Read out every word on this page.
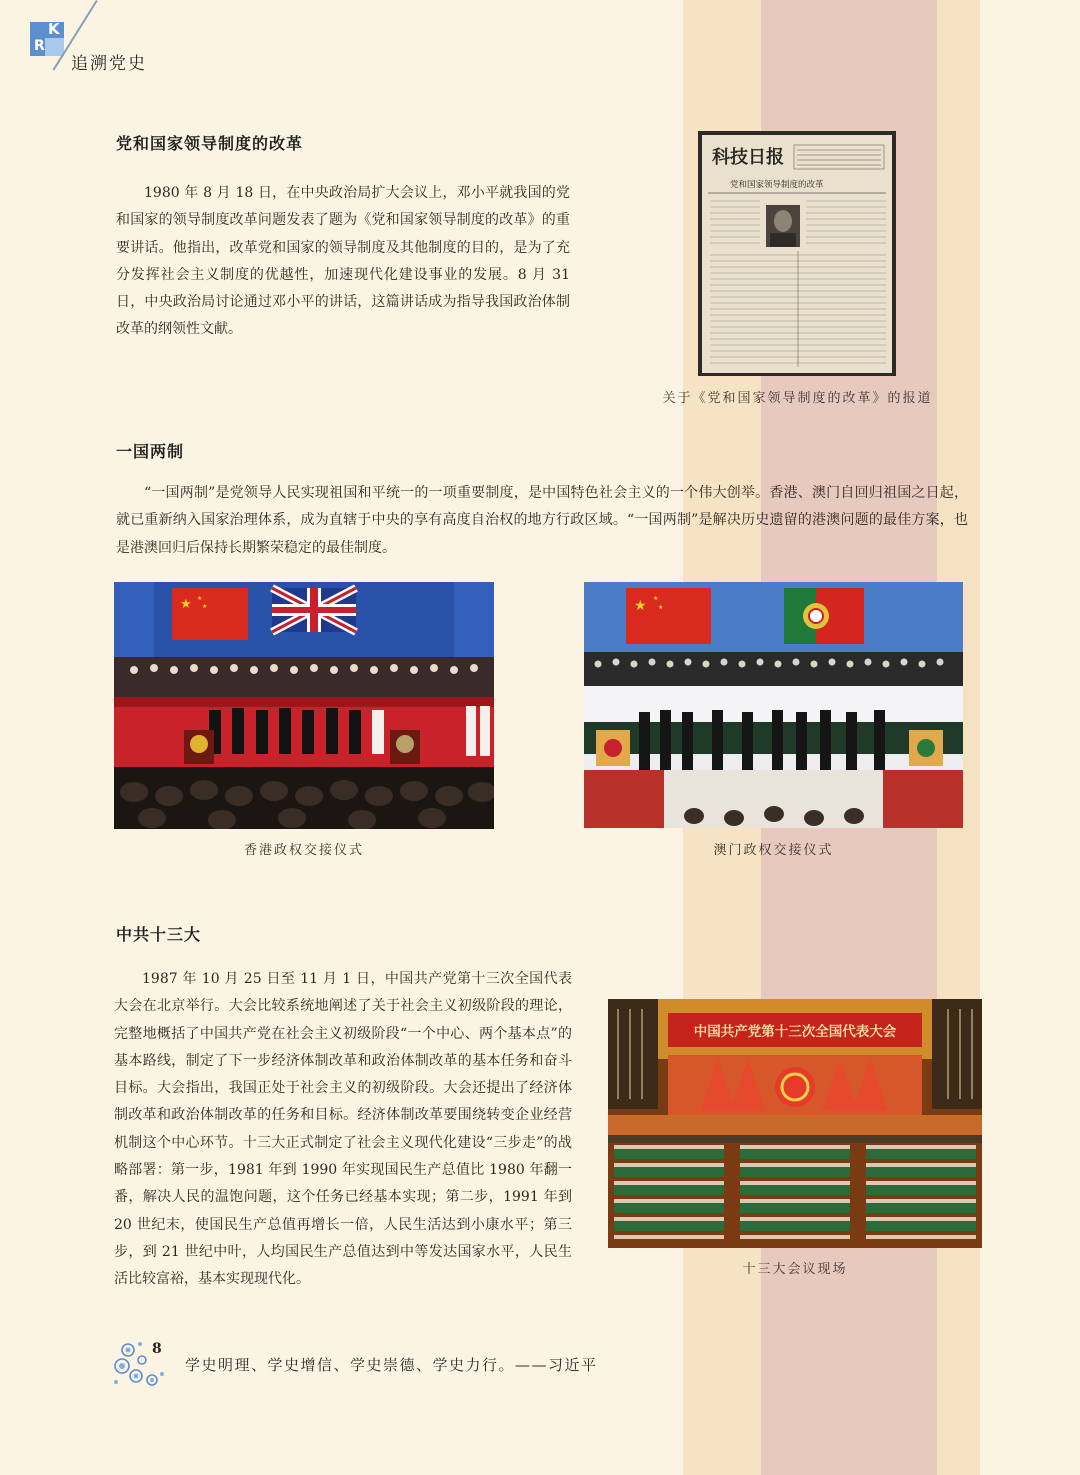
K
R
追溯党史
党和国家领导制度的改革

1980 年 8 月 18 日，在中央政治局扩大会议上，邓小平就我国的党和国家的领导制度改革问题发表了题为《党和国家领导制度的改革》的重要讲话。他指出，改革党和国家的领导制度及其他制度的目的，是为了充分发挥社会主义制度的优越性，加速现代化建设事业的发展。8 月 31 日，中央政治局讨论通过邓小平的讲话，这篇讲话成为指导我国政治体制改革的纲领性文献。

科技日报
党和国家领导制度的改革
关于《党和国家领导制度的改革》的报道
一国两制

“一国两制”是党领导人民实现祖国和平统一的一项重要制度，是中国特色社会主义的一个伟大创举。香港、澳门自回归祖国之日起，就已重新纳入国家治理体系，成为直辖于中央的享有高度自治权的地方行政区域。“一国两制”是解决历史遗留的港澳问题的最佳方案，也是港澳回归后保持长期繁荣稳定的最佳制度。

★ ★
★
香港政权交接仪式
★ ★
★
澳门政权交接仪式
中共十三大

1987 年 10 月 25 日至 11 月 1 日，中国共产党第十三次全国代表大会在北京举行。大会比较系统地阐述了关于社会主义初级阶段的理论，完整地概括了中国共产党在社会主义初级阶段“一个中心、两个基本点”的基本路线，制定了下一步经济体制改革和政治体制改革的基本任务和奋斗目标。大会指出，我国正处于社会主义的初级阶段。大会还提出了经济体制改革和政治体制改革的任务和目标。经济体制改革要围绕转变企业经营机制这个中心环节。十三大正式制定了社会主义现代化建设“三步走”的战略部署：第一步，1981 年到 1990 年实现国民生产总值比 1980 年翻一番，解决人民的温饱问题，这个任务已经基本实现；第二步，1991 年到 20 世纪末，使国民生产总值再增长一倍，人民生活达到小康水平；第三步，到 21 世纪中叶，人均国民生产总值达到中等发达国家水平，人民生活比较富裕，基本实现现代化。

中国共产党第十三次全国代表大会
十三大会议现场
8
学史明理、学史增信、学史崇德、学史力行。——习近平
